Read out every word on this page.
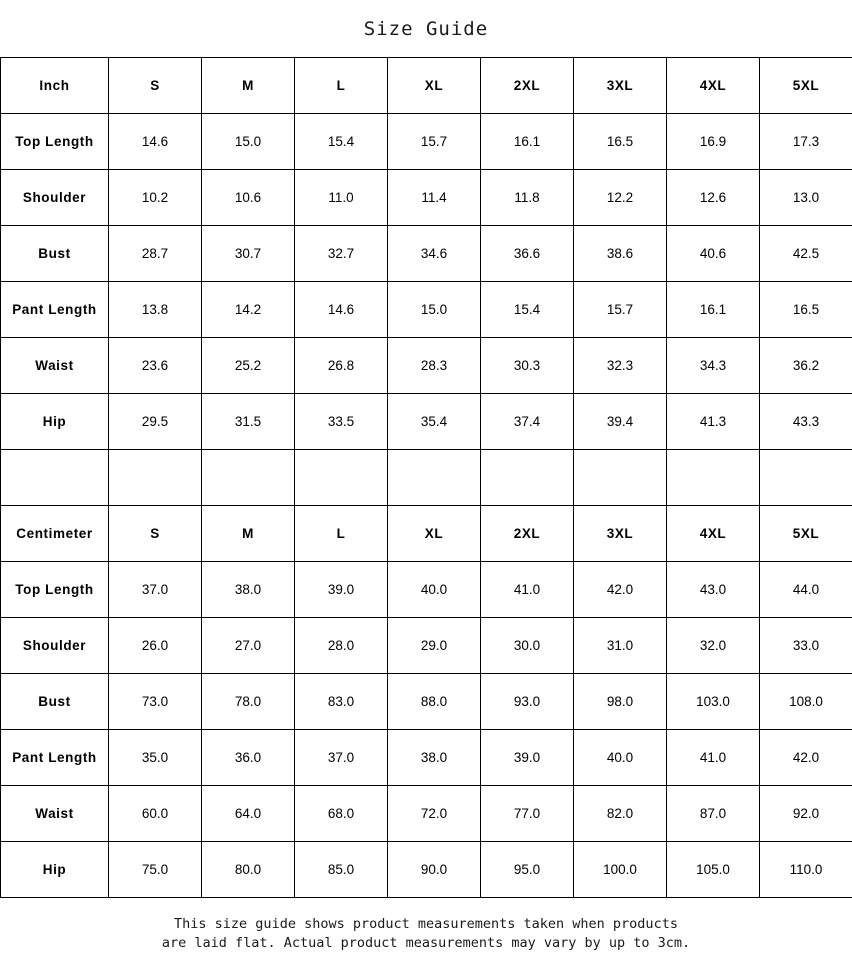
Size Guide
Inch	S	M	L	XL	2XL	3XL	4XL	5XL
Top Length	14.6	15.0	15.4	15.7	16.1	16.5	16.9	17.3
Shoulder	10.2	10.6	11.0	11.4	11.8	12.2	12.6	13.0
Bust	28.7	30.7	32.7	34.6	36.6	38.6	40.6	42.5
Pant Length	13.8	14.2	14.6	15.0	15.4	15.7	16.1	16.5
Waist	23.6	25.2	26.8	28.3	30.3	32.3	34.3	36.2
Hip	29.5	31.5	33.5	35.4	37.4	39.4	41.3	43.3

Centimeter	S	M	L	XL	2XL	3XL	4XL	5XL
Top Length	37.0	38.0	39.0	40.0	41.0	42.0	43.0	44.0
Shoulder	26.0	27.0	28.0	29.0	30.0	31.0	32.0	33.0
Bust	73.0	78.0	83.0	88.0	93.0	98.0	103.0	108.0
Pant Length	35.0	36.0	37.0	38.0	39.0	40.0	41.0	42.0
Waist	60.0	64.0	68.0	72.0	77.0	82.0	87.0	92.0
Hip	75.0	80.0	85.0	90.0	95.0	100.0	105.0	110.0
This size guide shows product measurements taken when products
are laid flat. Actual product measurements may vary by up to 3cm.
